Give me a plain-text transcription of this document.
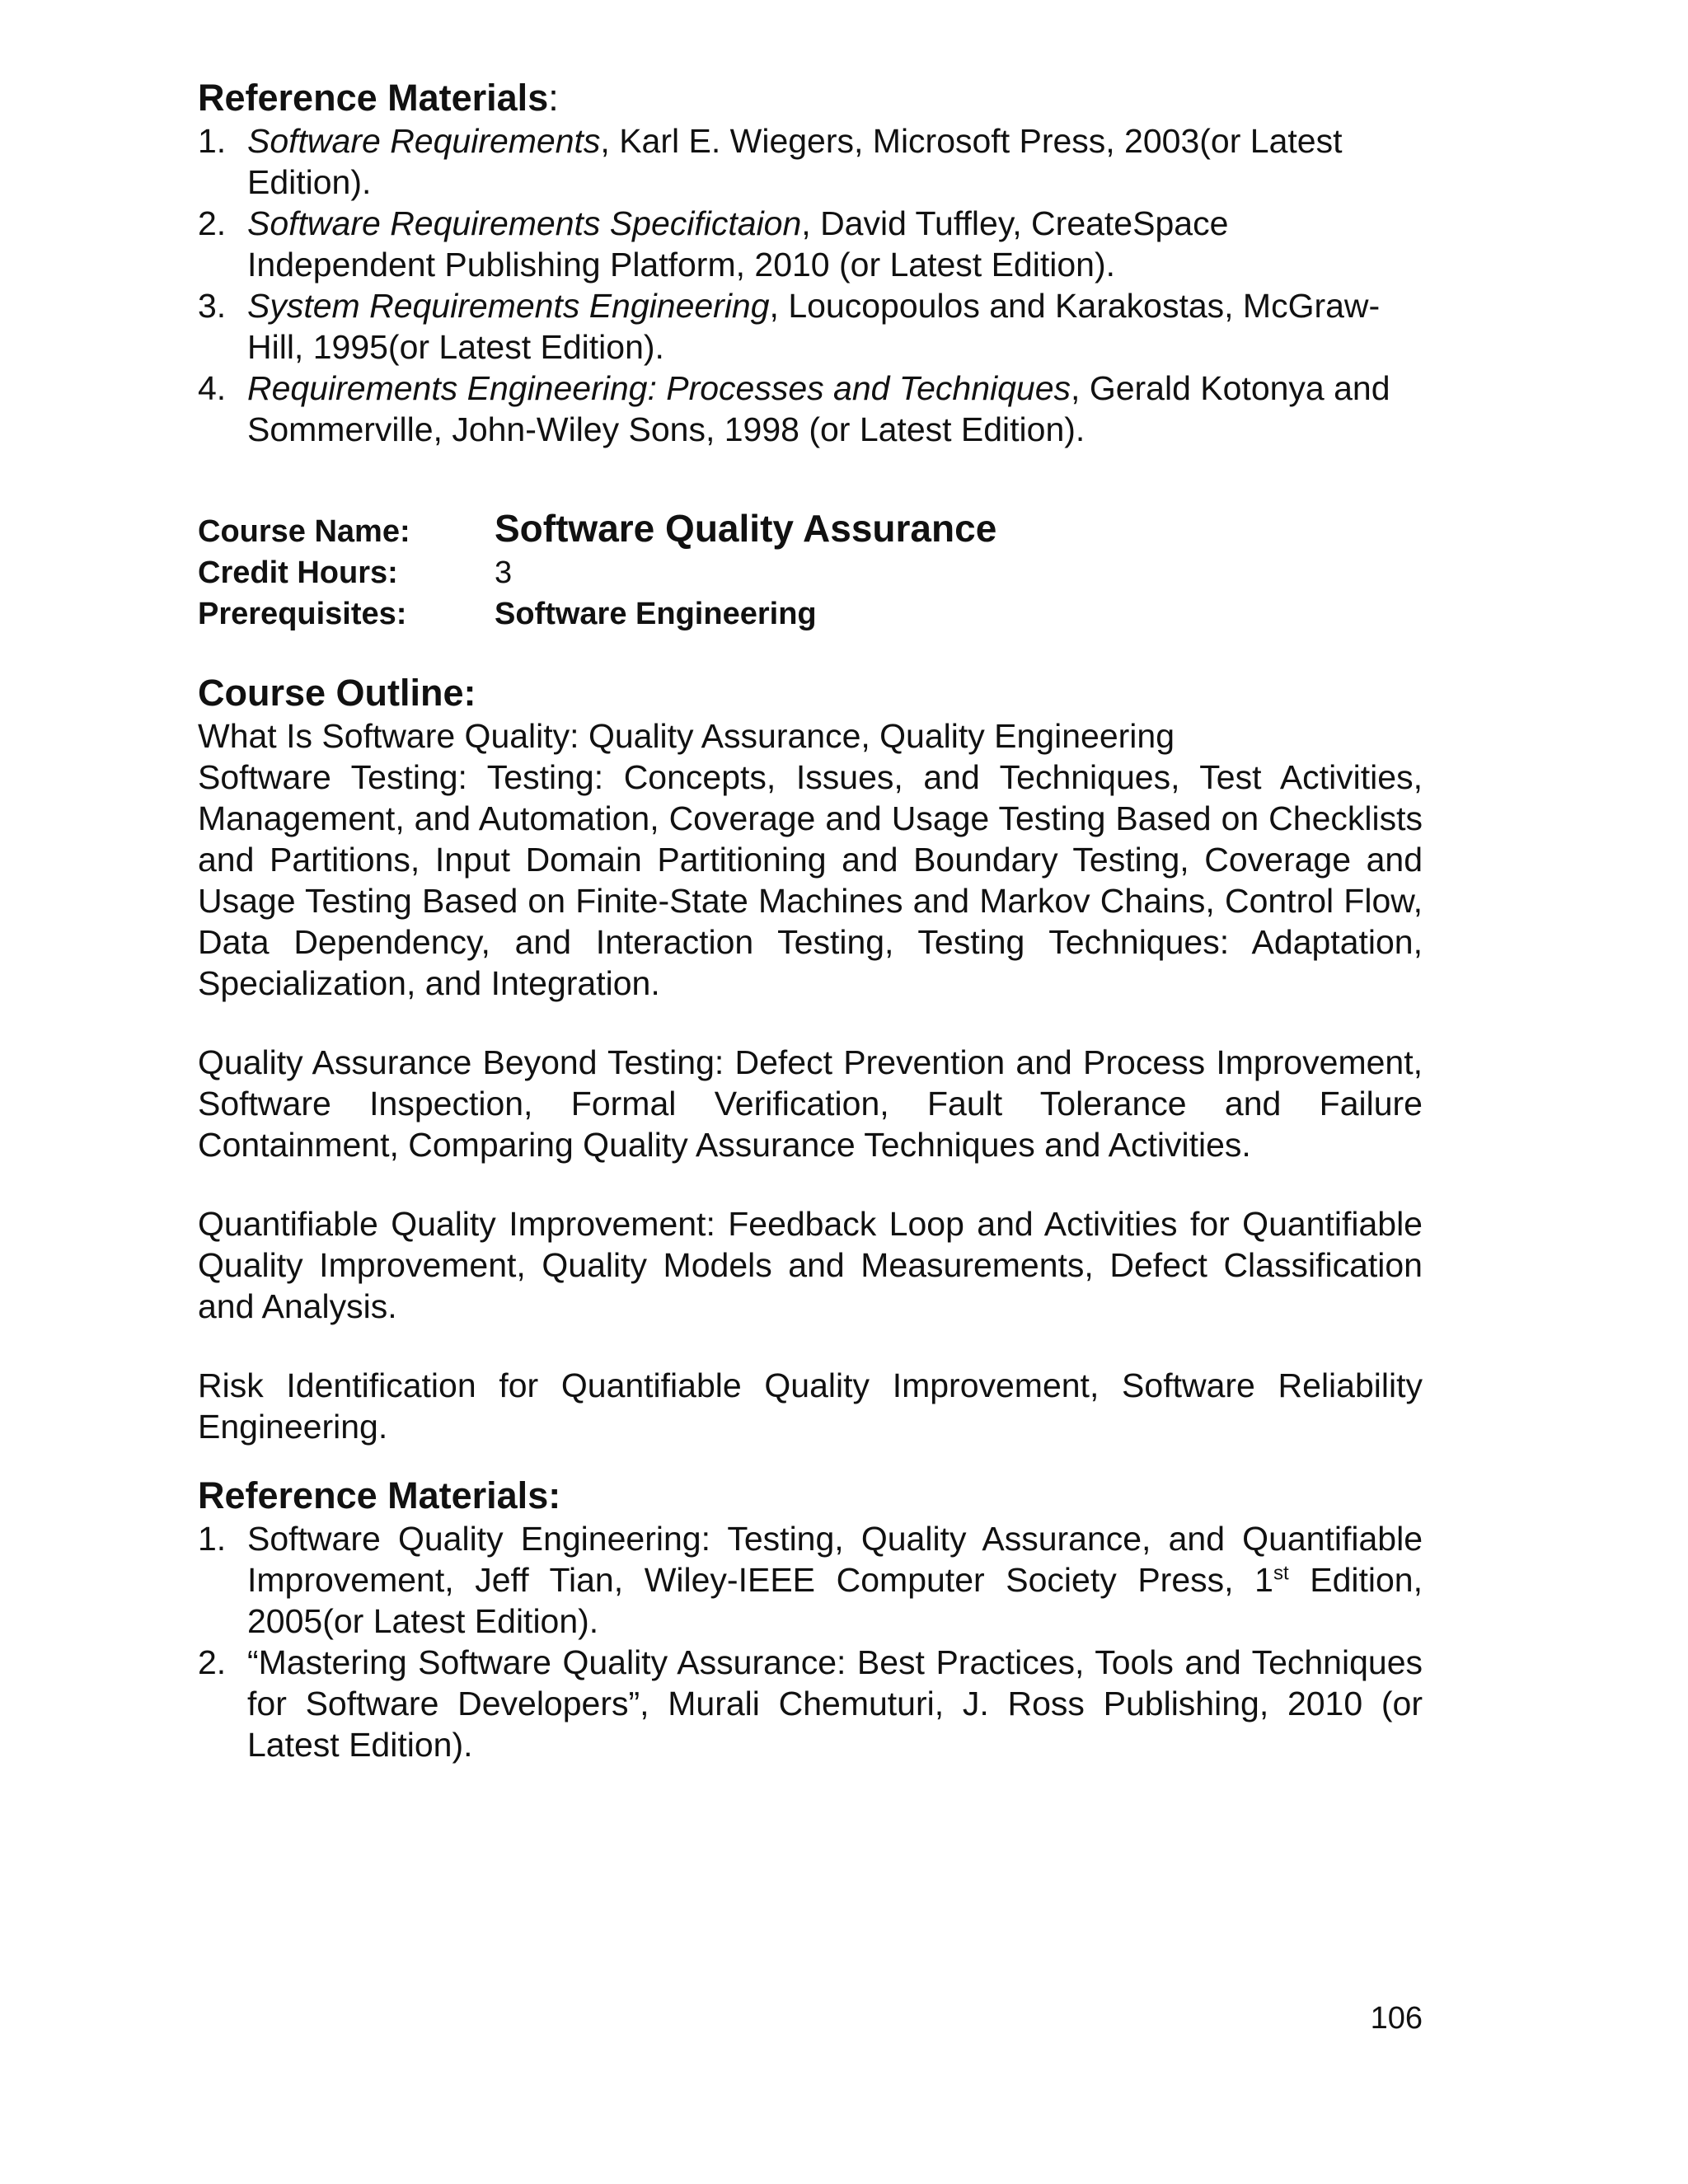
Reference Materials:
1. Software Requirements, Karl E. Wiegers, Microsoft Press, 2003(or Latest Edition).
2. Software Requirements Specifictaion, David Tuffley, CreateSpace Independent Publishing Platform, 2010 (or Latest Edition).
3. System Requirements Engineering, Loucopoulos and Karakostas, McGraw-Hill, 1995(or Latest Edition).
4. Requirements Engineering: Processes and Techniques, Gerald Kotonya and Sommerville, John-Wiley Sons, 1998 (or Latest Edition).
Course Name:	Software Quality Assurance
Credit Hours:	3
Prerequisites:	Software Engineering
Course Outline:

What Is Software Quality: Quality Assurance, Quality Engineering

Software Testing: Testing: Concepts, Issues, and Techniques, Test Activities, Management, and Automation, Coverage and Usage Testing Based on Checklists and Partitions, Input Domain Partitioning and Boundary Testing, Coverage and Usage Testing Based on Finite-State Machines and Markov Chains, Control Flow, Data Dependency, and Interaction Testing, Testing Techniques: Adaptation, Specialization, and Integration.

Quality Assurance Beyond Testing: Defect Prevention and Process Improvement, Software Inspection, Formal Verification, Fault Tolerance and Failure Containment, Comparing Quality Assurance Techniques and Activities.

Quantifiable Quality Improvement: Feedback Loop and Activities for Quantifiable Quality Improvement, Quality Models and Measurements, Defect Classification and Analysis.

Risk Identification for Quantifiable Quality Improvement, Software Reliability Engineering.

Reference Materials:
1. Software Quality Engineering: Testing, Quality Assurance, and Quantifiable Improvement, Jeff Tian, Wiley-IEEE Computer Society Press, 1st Edition, 2005(or Latest Edition).
2. “Mastering Software Quality Assurance: Best Practices, Tools and Techniques for Software Developers”, Murali Chemuturi, J. Ross Publishing, 2010 (or Latest Edition).
106
